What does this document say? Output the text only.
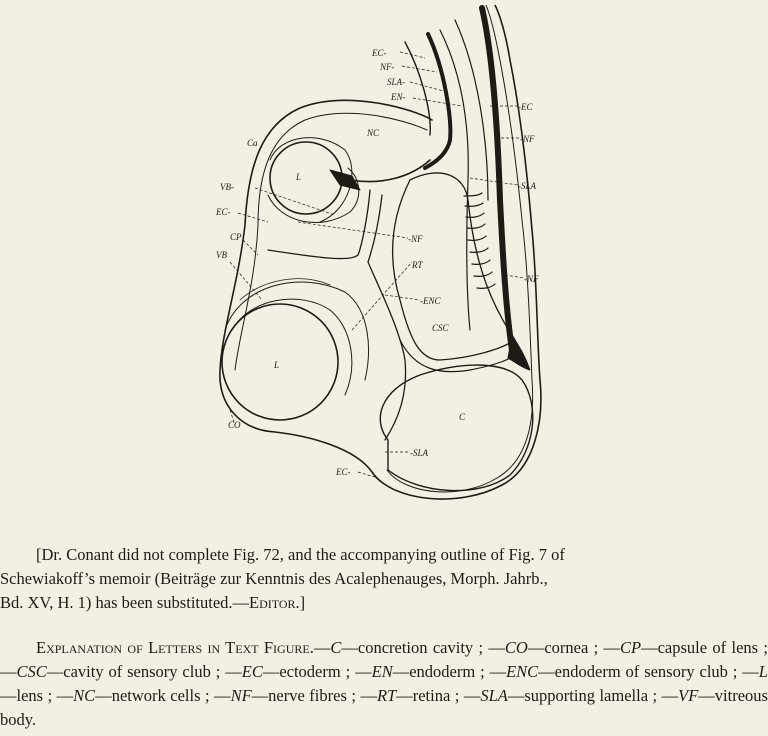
EC-
NF-
SLA-
EN-
-EC
-NF
NC
Ca
L
-SLA
VB-
EC-
CP	-NF
VB
RT
-NF
-ENC
CSC
L
C
CO
-SLA
EC-
[Dr. Conant did not complete Fig. 72, and the accompanying outline of Fig. 7 of
Schewiakoff’s memoir (Beiträge zur Kenntnis des Acalephenauges, Morph. Jahrb.,
Bd. XV, H. 1) has been substituted.—Editor.]
Explanation of Letters in Text Figure.—C—concretion cavity ; —CO—cornea ; —CP—capsule of lens ; —CSC—cavity of sensory club ; —EC—ectoderm ; —EN—endoderm ; —ENC—endoderm of sensory club ; —L—lens ; —NC—network cells ; —NF—nerve fibres ; —RT—retina ; —SLA—supporting lamella ; —VF—vitreous body.
